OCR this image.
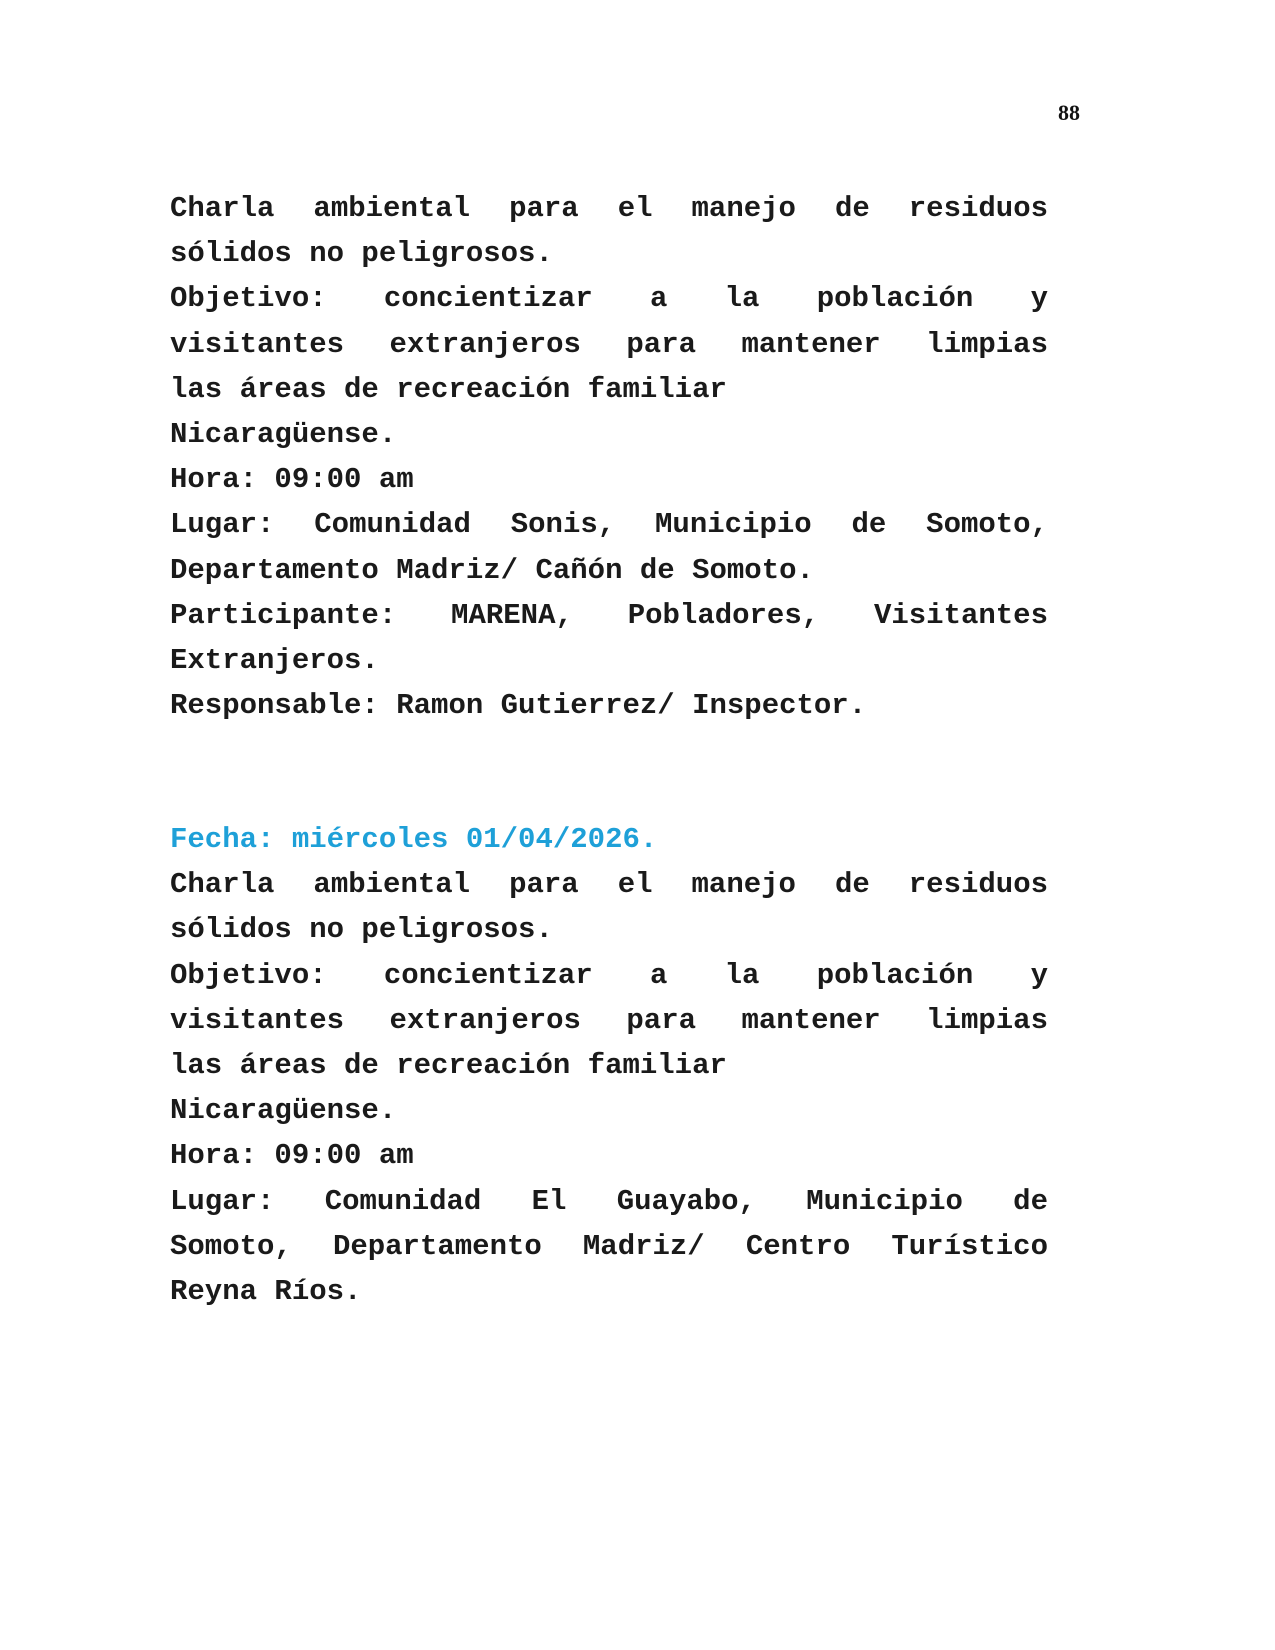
88
Charla ambiental para el manejo de residuos
sólidos no peligrosos.
Objetivo: concientizar a la población y
visitantes extranjeros para mantener limpias
las áreas de recreación familiar
Nicaragüense.
Hora: 09:00 am
Lugar: Comunidad Sonis, Municipio de Somoto,
Departamento Madriz/ Cañón de Somoto.
Participante: MARENA, Pobladores, Visitantes
Extranjeros.
Responsable: Ramon Gutierrez/ Inspector.
Fecha: miércoles 01/04/2026.
Charla ambiental para el manejo de residuos
sólidos no peligrosos.
Objetivo: concientizar a la población y
visitantes extranjeros para mantener limpias
las áreas de recreación familiar
Nicaragüense.
Hora: 09:00 am
Lugar: Comunidad El Guayabo, Municipio de
Somoto, Departamento Madriz/ Centro Turístico
Reyna Ríos.
